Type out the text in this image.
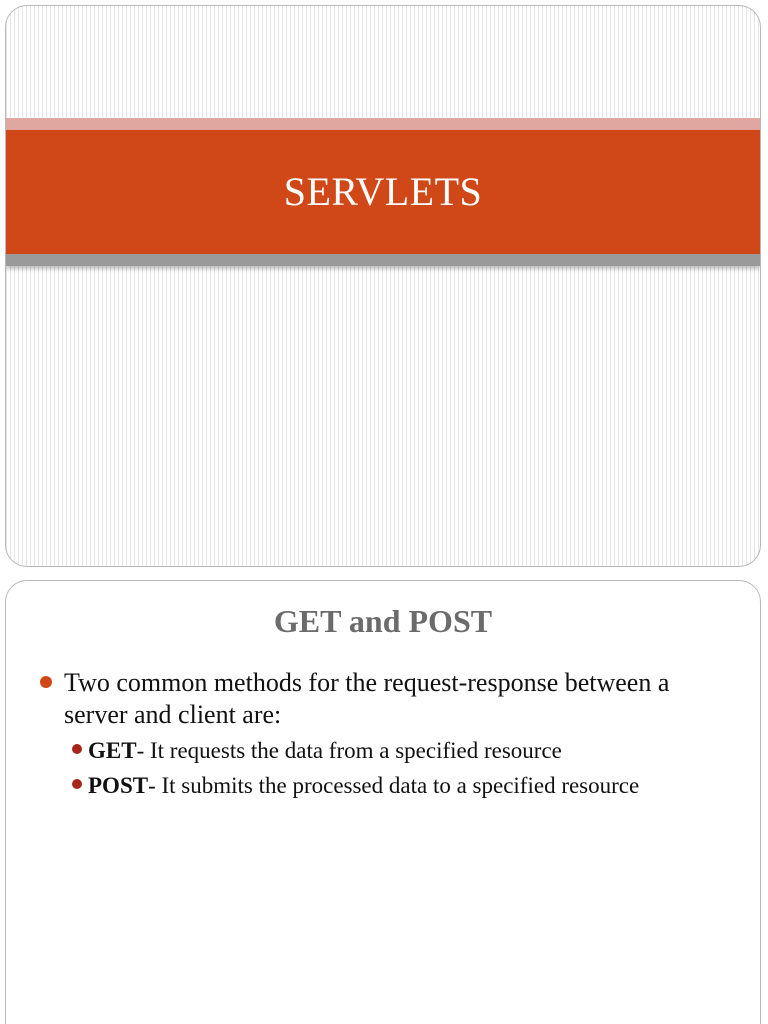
SERVLETS
GET and POST
Two common methods for the request-response between a server and client are:
GET- It requests the data from a specified resource
POST- It submits the processed data to a specified resource
